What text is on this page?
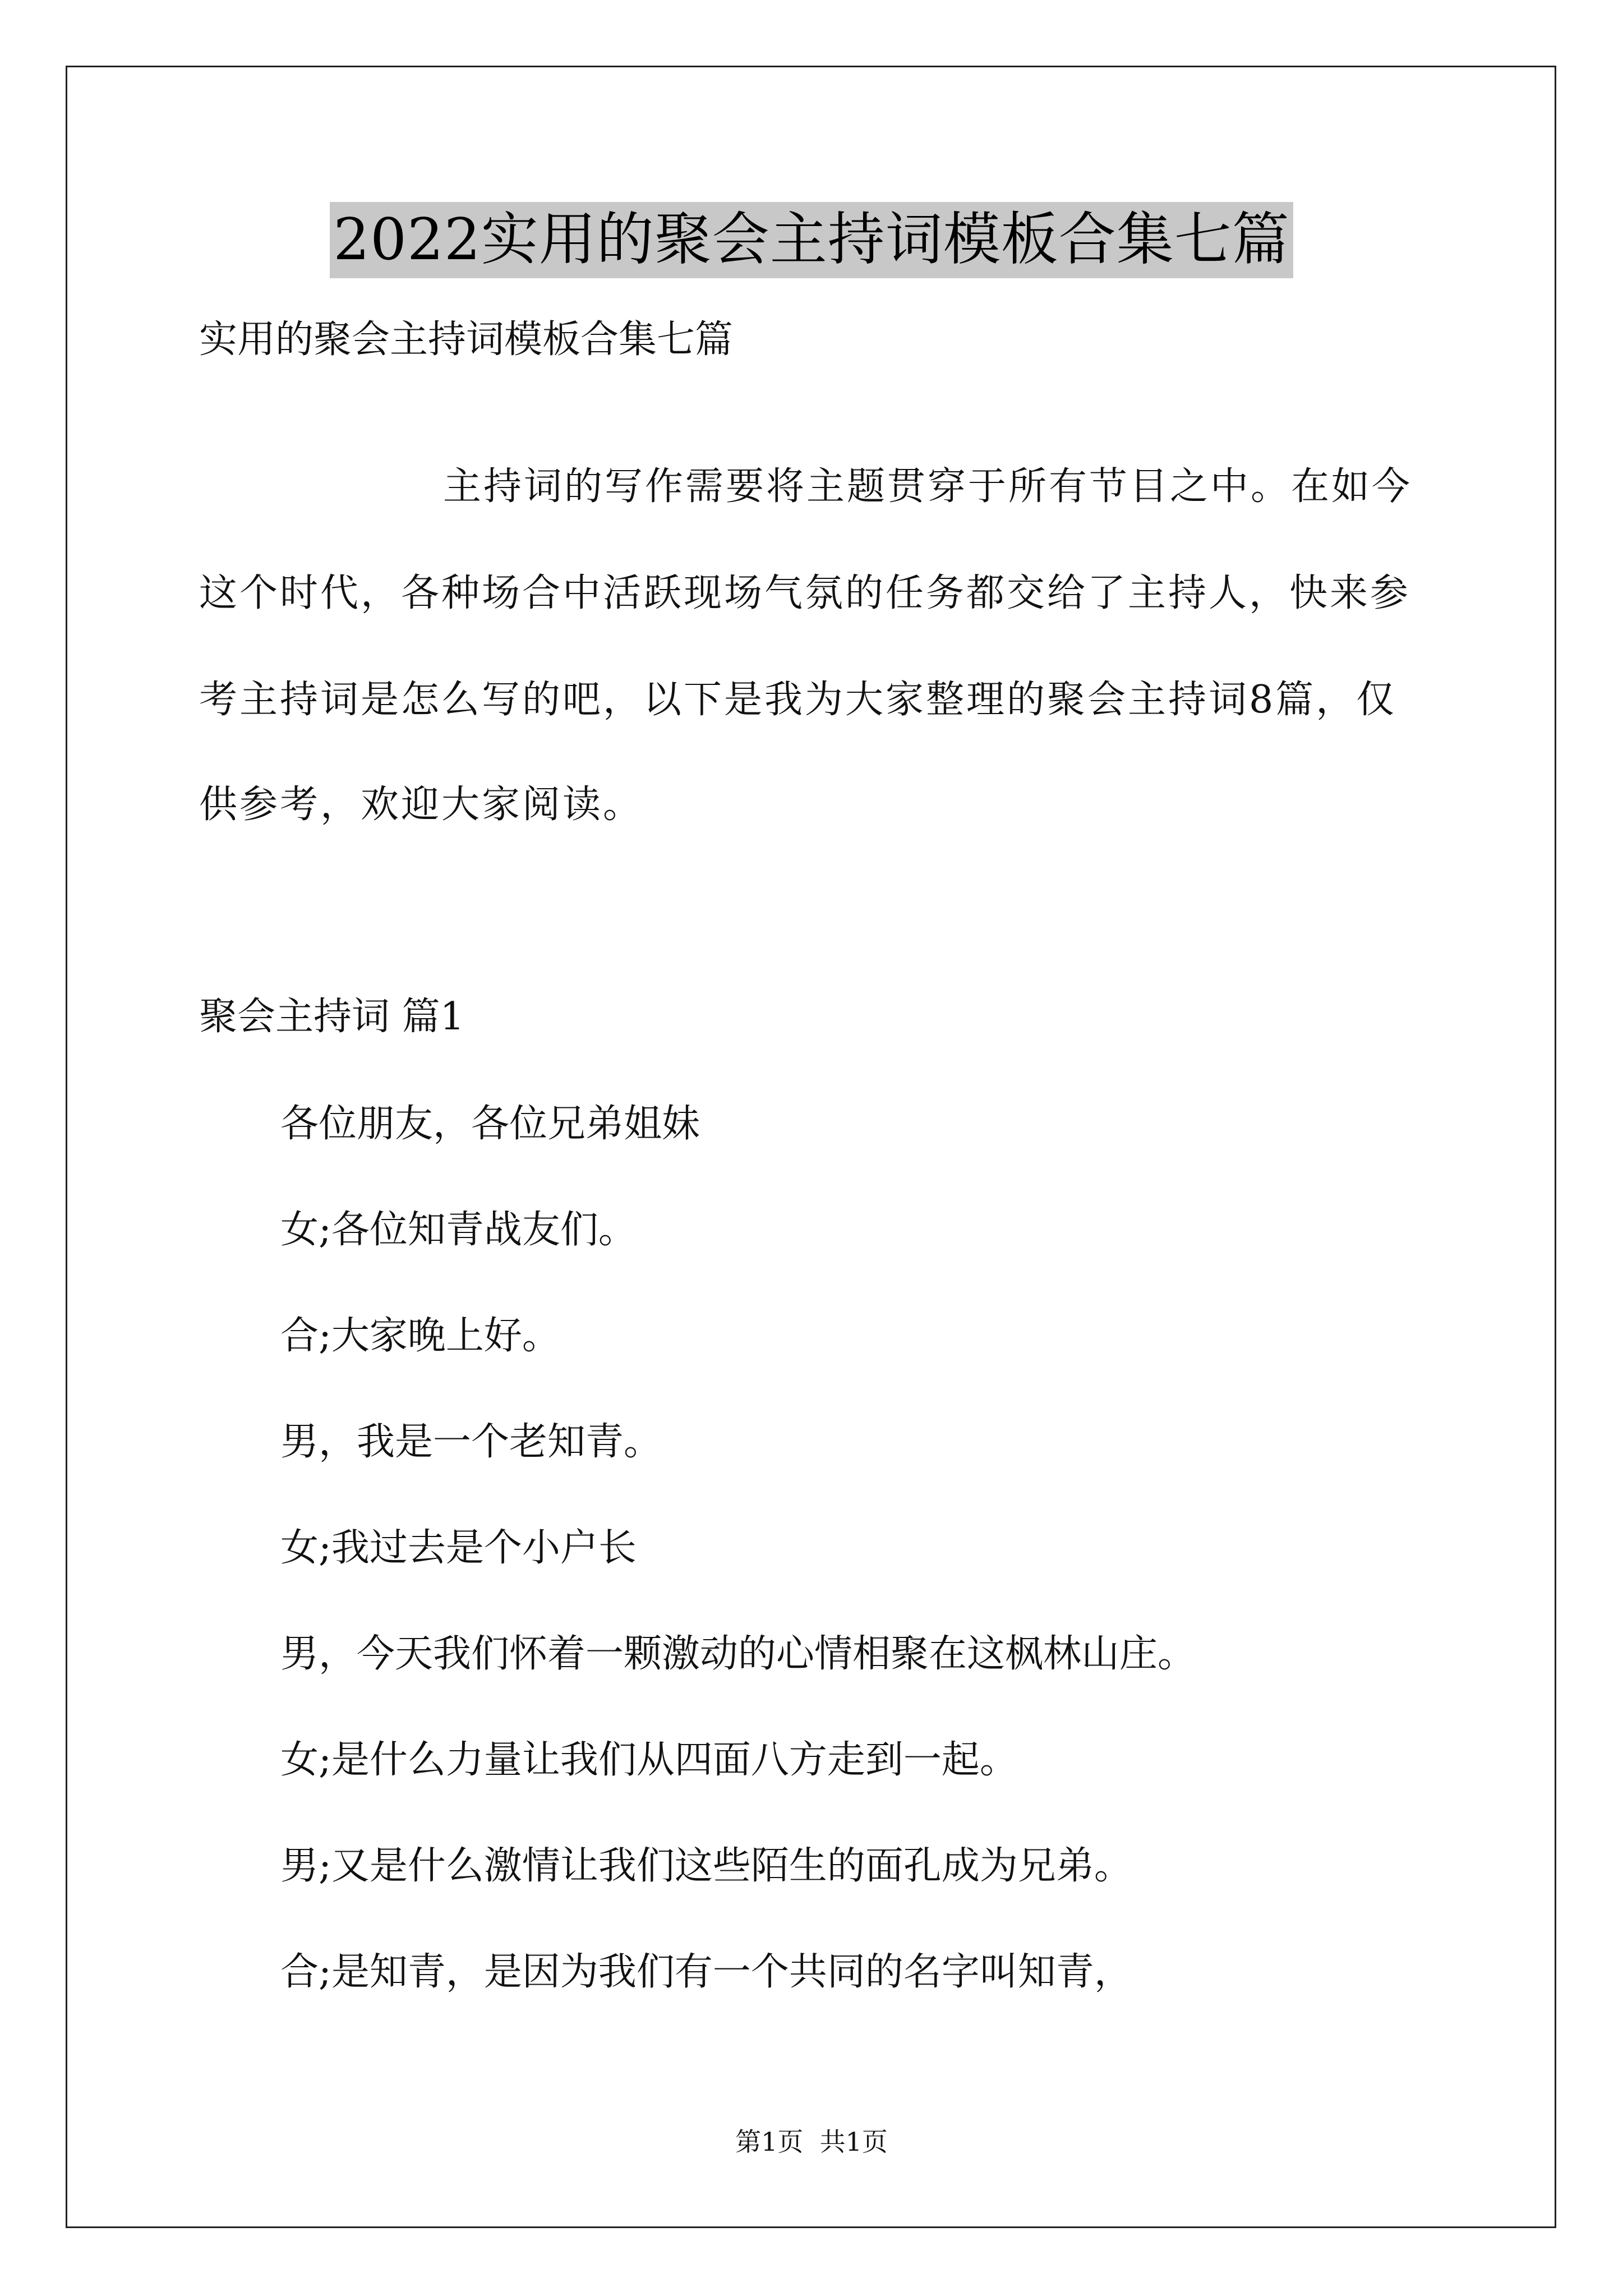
2022实用的聚会主持词模板合集七篇
实用的聚会主持词模板合集七篇
主持词的写作需要将主题贯穿于所有节目之中。在如今
这个时代，各种场合中活跃现场气氛的任务都交给了主持人，快来参
考主持词是怎么写的吧，以下是我为大家整理的聚会主持词8篇，仅
供参考，欢迎大家阅读。
聚会主持词 篇1
各位朋友，各位兄弟姐妹
女;各位知青战友们。
合;大家晚上好。
男，我是一个老知青。
女;我过去是个小户长
男，今天我们怀着一颗激动的心情相聚在这枫林山庄。
女;是什么力量让我们从四面八方走到一起。
男;又是什么激情让我们这些陌生的面孔成为兄弟。
合;是知青，是因为我们有一个共同的名字叫知青，
第1页  共1页
